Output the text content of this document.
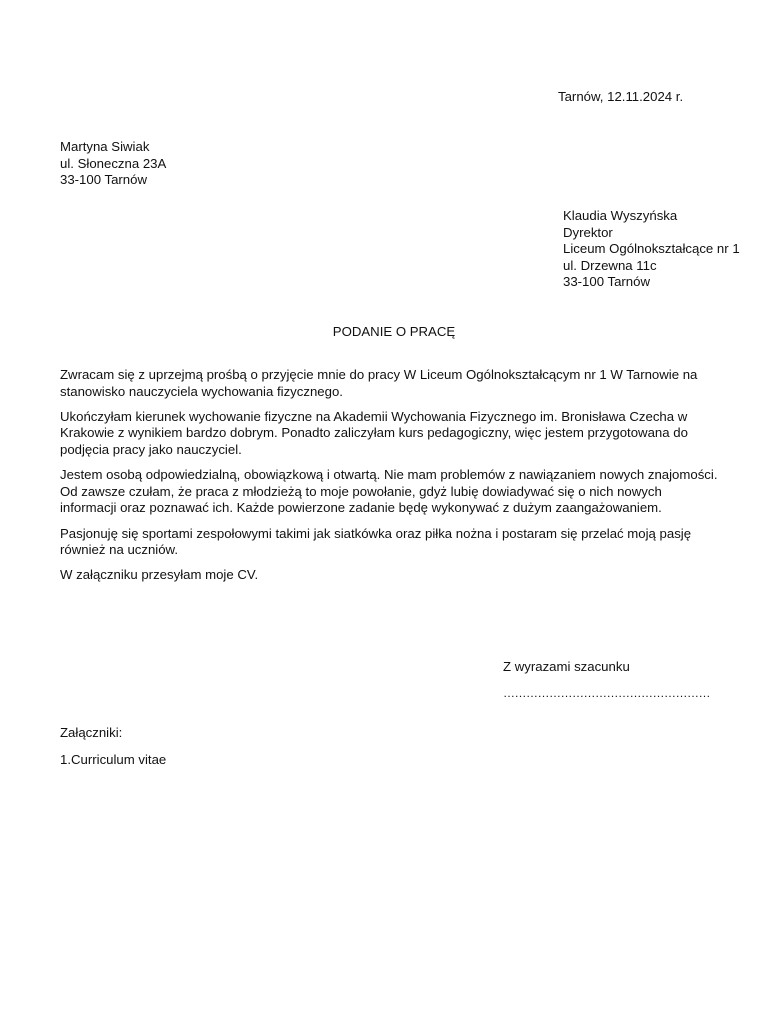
Tarnów, 12.11.2024 r.
Martyna Siwiak
ul. Słoneczna 23A
33-100 Tarnów
Klaudia Wyszyńska
Dyrektor
Liceum Ogólnokształcące nr 1
ul. Drzewna 11c
33-100 Tarnów
PODANIE O PRACĘ

Zwracam się z uprzejmą prośbą o przyjęcie mnie do pracy W Liceum Ogólnokształcącym nr 1 W Tarnowie na stanowisko nauczyciela wychowania fizycznego.

Ukończyłam kierunek wychowanie fizyczne na Akademii Wychowania Fizycznego im. Bronisława Czecha w Krakowie z wynikiem bardzo dobrym. Ponadto zaliczyłam kurs pedagogiczny, więc jestem przygotowana do podjęcia pracy jako nauczyciel.

Jestem osobą odpowiedzialną, obowiązkową i otwartą. Nie mam problemów z nawiązaniem nowych znajomości. Od zawsze czułam, że praca z młodzieżą to moje powołanie, gdyż lubię dowiadywać się o nich nowych informacji oraz poznawać ich. Każde powierzone zadanie będę wykonywać z dużym zaangażowaniem.

Pasjonuję się sportami zespołowymi takimi jak siatkówka oraz piłka nożna i postaram się przelać moją pasję również na uczniów.

W załączniku przesyłam moje CV.

Z wyrazami szacunku
………………………………………………
Załączniki:
1.Curriculum vitae
